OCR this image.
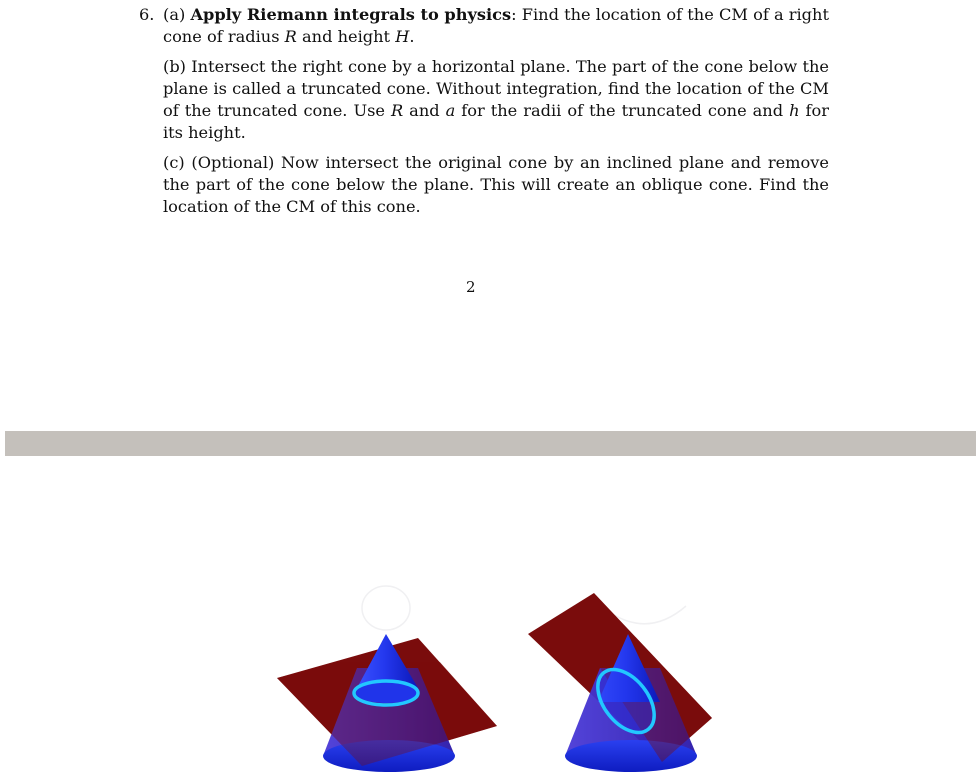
6. (a) Apply Riemann integrals to physics: Find the location of the CM of a right cone of radius R and height H.

(b) Intersect the right cone by a horizontal plane. The part of the cone below the plane is called a truncated cone. Without integration, find the location of the CM of the truncated cone. Use R and a for the radii of the truncated cone and h for its height.

(c) (Optional) Now intersect the original cone by an inclined plane and remove the part of the cone below the plane. This will create an oblique cone. Find the location of the CM of this cone.

2
